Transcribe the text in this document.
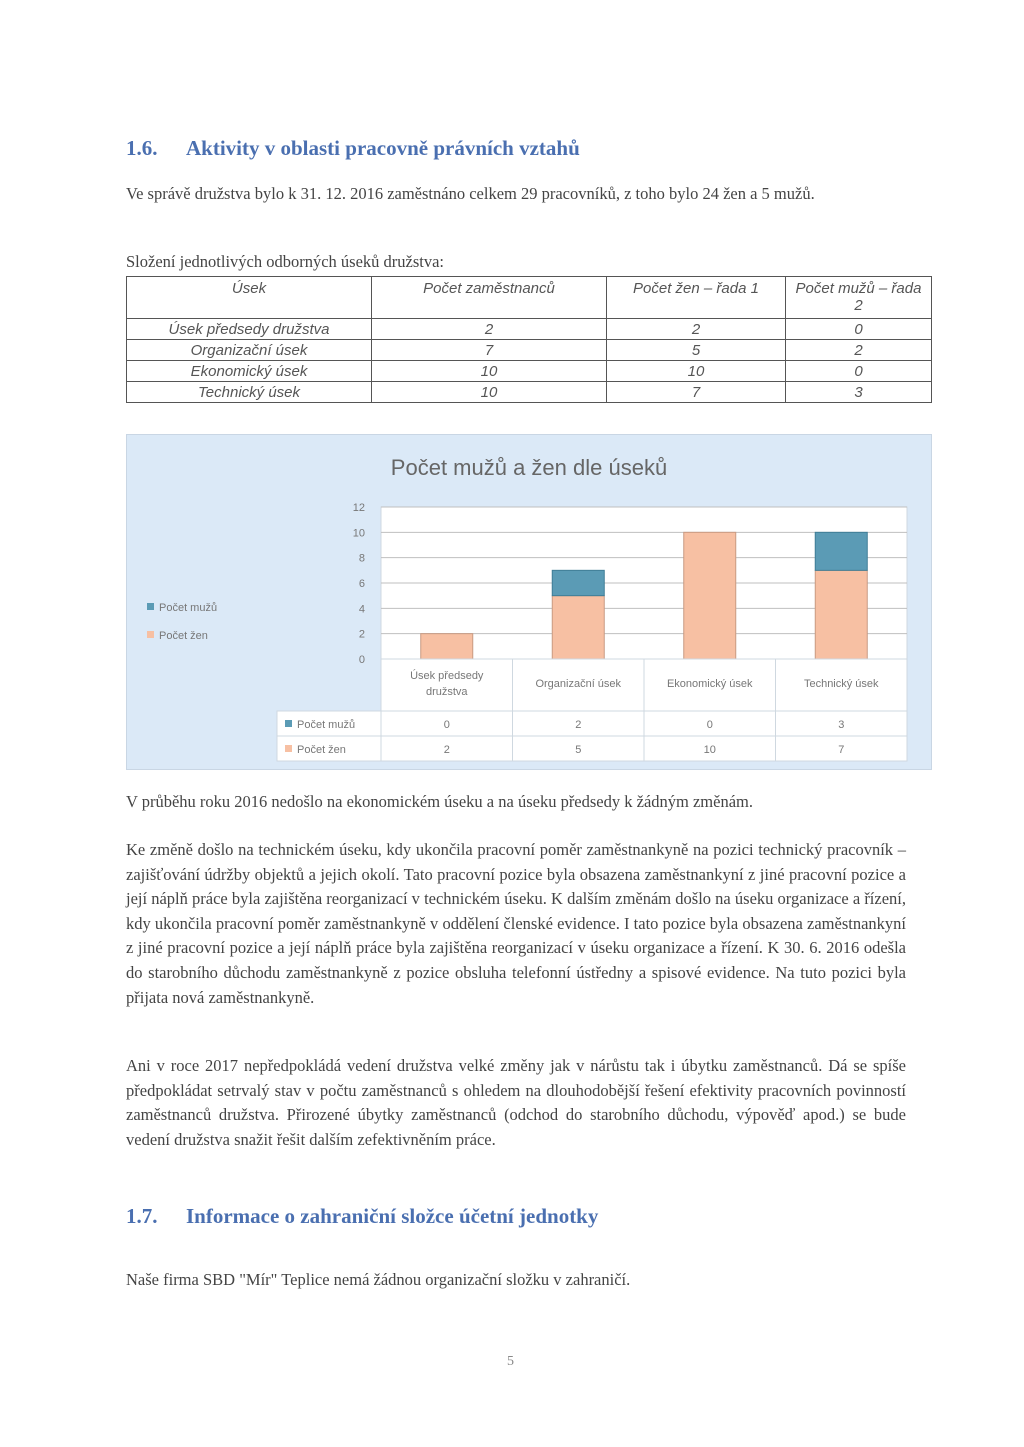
1.6. Aktivity v oblasti pracovně právních vztahů
Ve správě družstva bylo k 31. 12. 2016 zaměstnáno celkem 29 pracovníků, z toho bylo 24 žen a 5 mužů.
Složení jednotlivých odborných úseků družstva:
Úsek	Počet zaměstnanců	Počet žen – řada 1	Počet mužů – řada 2
Úsek předsedy družstva	2	2	0
Organizační úsek	7	5	2
Ekonomický úsek	10	10	0
Technický úsek	10	7	3
Počet mužů a žen dle úseků
0
2
4
6
8
10
12
Úsek předsedy
družstva
Organizační úsek	Ekonomický úsek	Technický úsek
Počet mužů	0	2	0	3
Počet žen	2	5	10	7
Počet mužů
Počet žen
V průběhu roku 2016 nedošlo na ekonomickém úseku a na úseku předsedy k žádným změnám.
Ke změně došlo na technickém úseku, kdy ukončila pracovní poměr zaměstnankyně na pozici technický pracovník – zajišťování údržby objektů a jejich okolí. Tato pracovní pozice byla obsazena zaměstnankyní z jiné pracovní pozice a její náplň práce byla zajištěna reorganizací v technickém úseku. K dalším změnám došlo na úseku organizace a řízení, kdy ukončila pracovní poměr zaměstnankyně v oddělení členské evidence. I tato pozice byla obsazena zaměstnankyní z jiné pracovní pozice a její náplň práce byla zajištěna reorganizací v úseku organizace a řízení. K 30. 6. 2016 odešla do starobního důchodu zaměstnankyně z pozice obsluha telefonní ústředny a spisové evidence. Na tuto pozici byla přijata nová zaměstnankyně.
Ani v roce 2017 nepředpokládá vedení družstva velké změny jak v nárůstu tak i úbytku zaměstnanců. Dá se spíše předpokládat setrvalý stav v počtu zaměstnanců s ohledem na dlouhodobější řešení efektivity pracovních povinností zaměstnanců družstva. Přirozené úbytky zaměstnanců (odchod do starobního důchodu, výpověď apod.) se bude vedení družstva snažit řešit dalším zefektivněním práce.
1.7. Informace o zahraniční složce účetní jednotky
Naše firma SBD "Mír" Teplice nemá žádnou organizační složku v zahraničí.
5
